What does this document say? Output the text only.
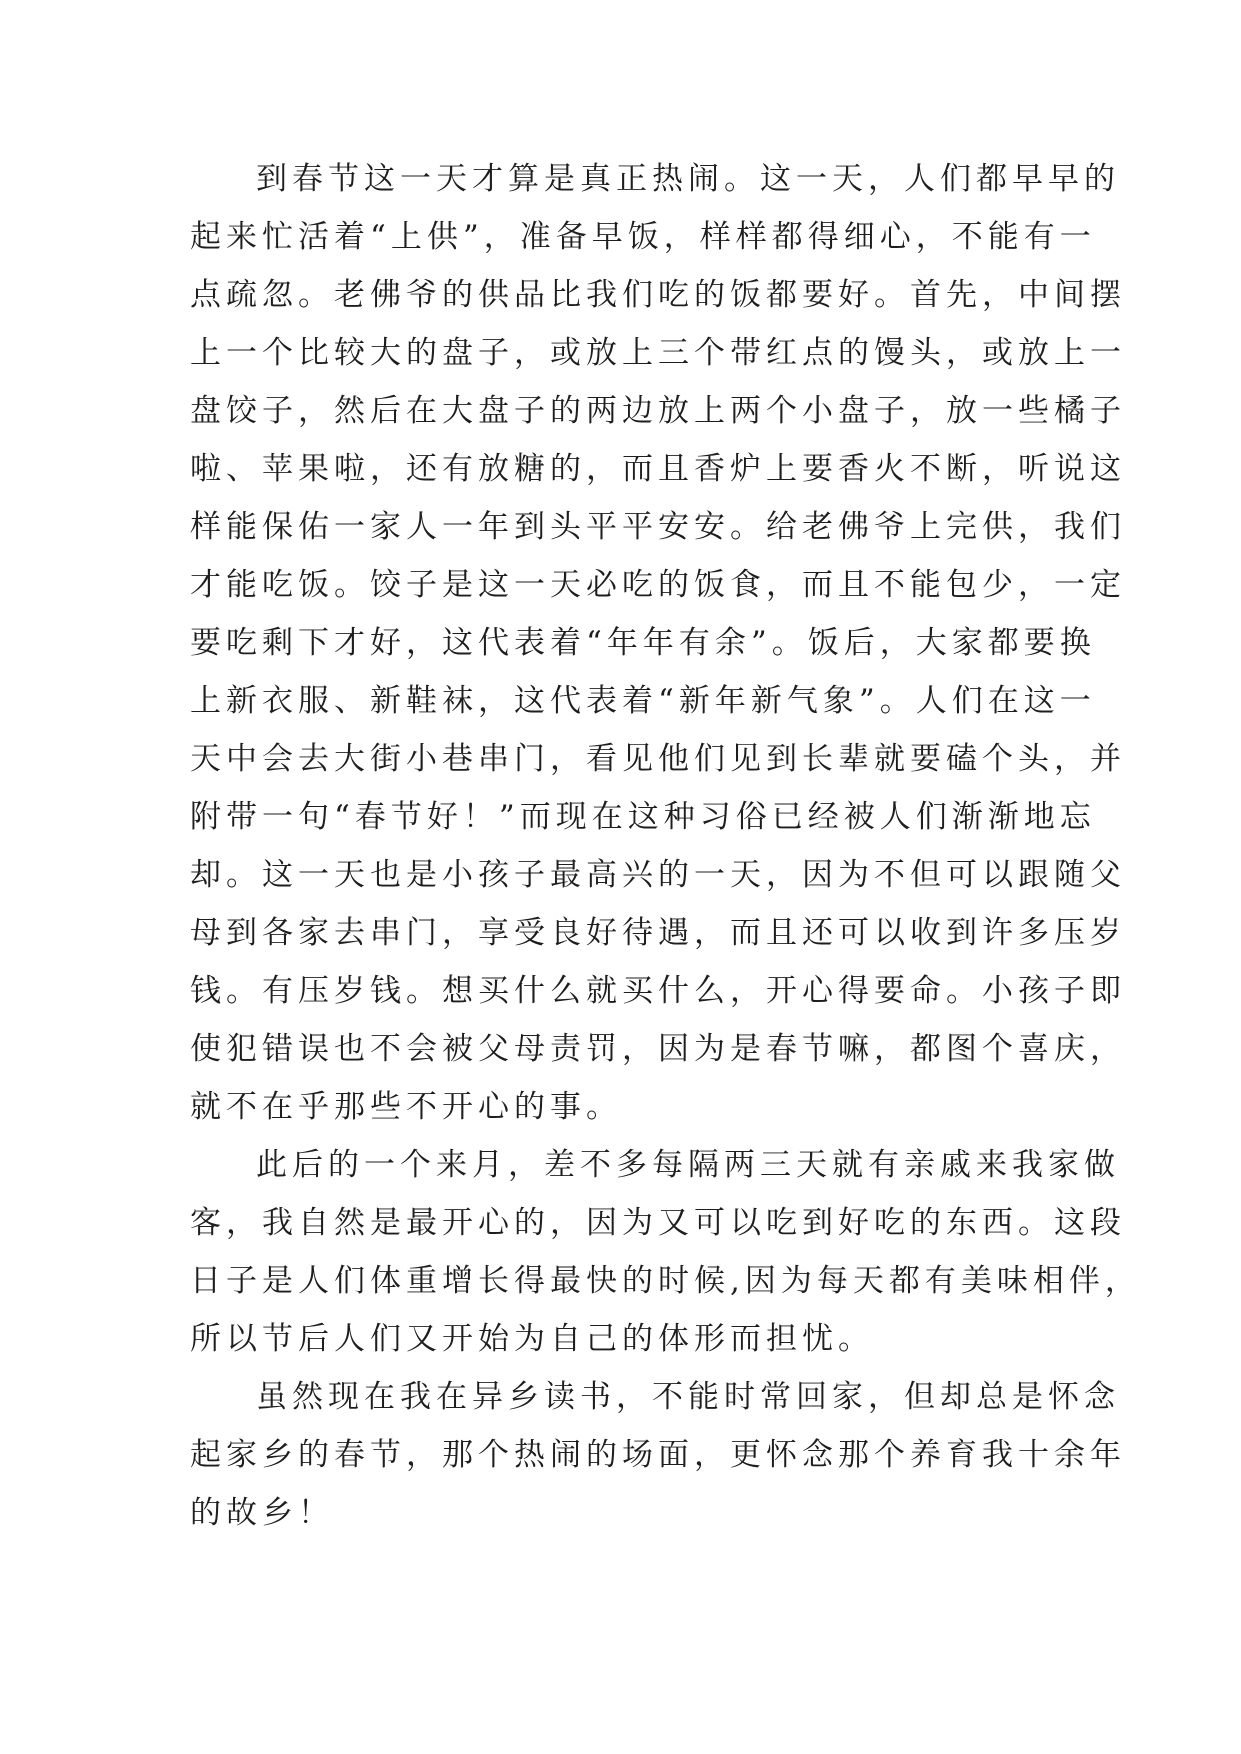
到春节这一天才算是真正热闹。这一天，人们都早早的
起来忙活着“上供”，准备早饭，样样都得细心，不能有一
点疏忽。老佛爷的供品比我们吃的饭都要好。首先，中间摆
上一个比较大的盘子，或放上三个带红点的馒头，或放上一
盘饺子，然后在大盘子的两边放上两个小盘子，放一些橘子
啦、苹果啦，还有放糖的，而且香炉上要香火不断，听说这
样能保佑一家人一年到头平平安安。给老佛爷上完供，我们
才能吃饭。饺子是这一天必吃的饭食，而且不能包少，一定
要吃剩下才好，这代表着“年年有余”。饭后，大家都要换
上新衣服、新鞋袜，这代表着“新年新气象”。人们在这一
天中会去大街小巷串门，看见他们见到长辈就要磕个头，并
附带一句“春节好！”而现在这种习俗已经被人们渐渐地忘
却。这一天也是小孩子最高兴的一天，因为不但可以跟随父
母到各家去串门，享受良好待遇，而且还可以收到许多压岁
钱。有压岁钱。想买什么就买什么，开心得要命。小孩子即
使犯错误也不会被父母责罚，因为是春节嘛，都图个喜庆，
就不在乎那些不开心的事。
此后的一个来月，差不多每隔两三天就有亲戚来我家做
客，我自然是最开心的，因为又可以吃到好吃的东西。这段
日子是人们体重增长得最快的时候,因为每天都有美味相伴，
所以节后人们又开始为自己的体形而担忧。
虽然现在我在异乡读书，不能时常回家，但却总是怀念
起家乡的春节，那个热闹的场面，更怀念那个养育我十余年
的故乡！
